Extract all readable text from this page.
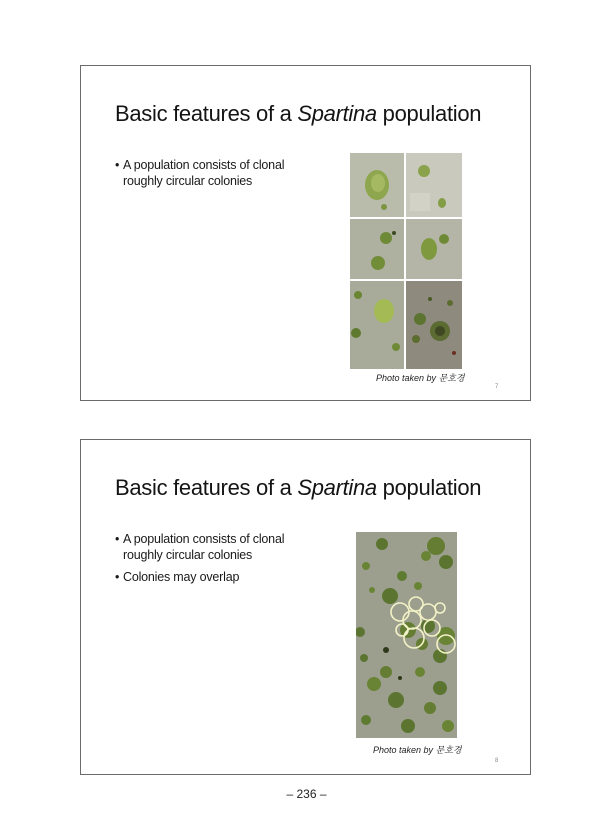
Basic features of a Spartina population
• A population consists of clonal roughly circular colonies
Photo taken by 문호경
7
Basic features of a Spartina population
• A population consists of clonal roughly circular colonies
• Colonies may overlap
Photo taken by 문호경
8
– 236 –
